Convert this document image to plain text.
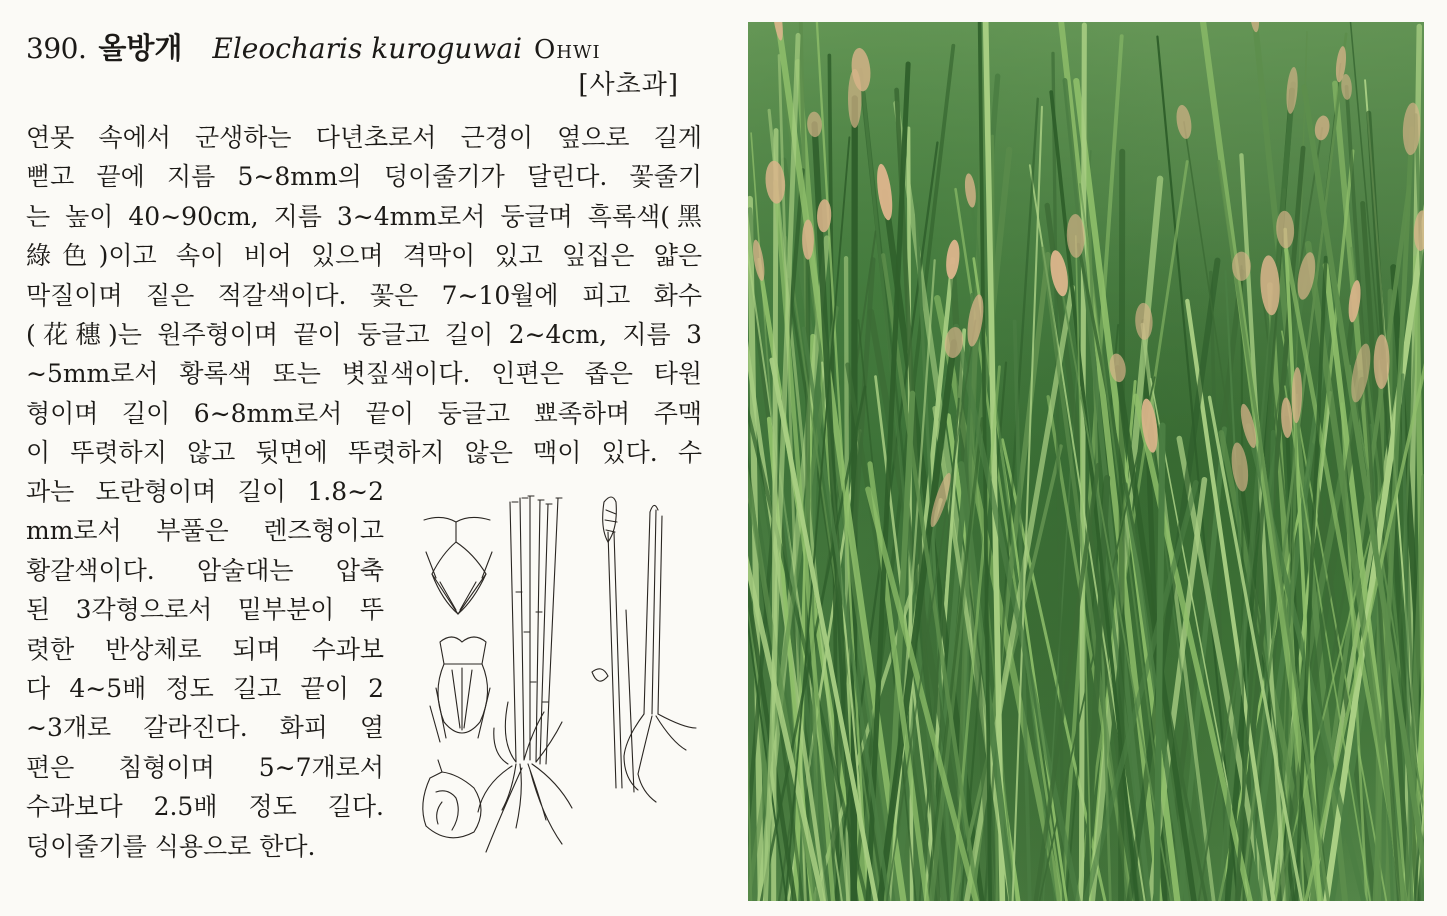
390. 올방개 Eleocharis kuroguwai Ohwi
[사초과]
연못 속에서 군생하는 다년초로서 근경이 옆으로 길게
뻗고 끝에 지름 5∼8mm의 덩이줄기가 달린다. 꽃줄기
는 높이 40∼90cm, 지름 3∼4mm로서 둥글며 흑록색(黑
綠色)이고 속이 비어 있으며 격막이 있고 잎집은 얇은
막질이며 짙은 적갈색이다. 꽃은 7∼10월에 피고 화수
(花穗)는 원주형이며 끝이 둥글고 길이 2∼4cm, 지름 3
∼5mm로서 황록색 또는 볏짚색이다. 인편은 좁은 타원
형이며 길이 6∼8mm로서 끝이 둥글고 뾰족하며 주맥
이 뚜렷하지 않고 뒷면에 뚜렷하지 않은 맥이 있다. 수
과는 도란형이며 길이 1.8∼2
mm로서 부풀은 렌즈형이고
황갈색이다. 암술대는 압축
된 3각형으로서 밑부분이 뚜
렷한 반상체로 되며 수과보
다 4∼5배 정도 길고 끝이 2
∼3개로 갈라진다. 화피 열
편은 침형이며 5∼7개로서
수과보다 2.5배 정도 길다.
덩이줄기를 식용으로 한다.
